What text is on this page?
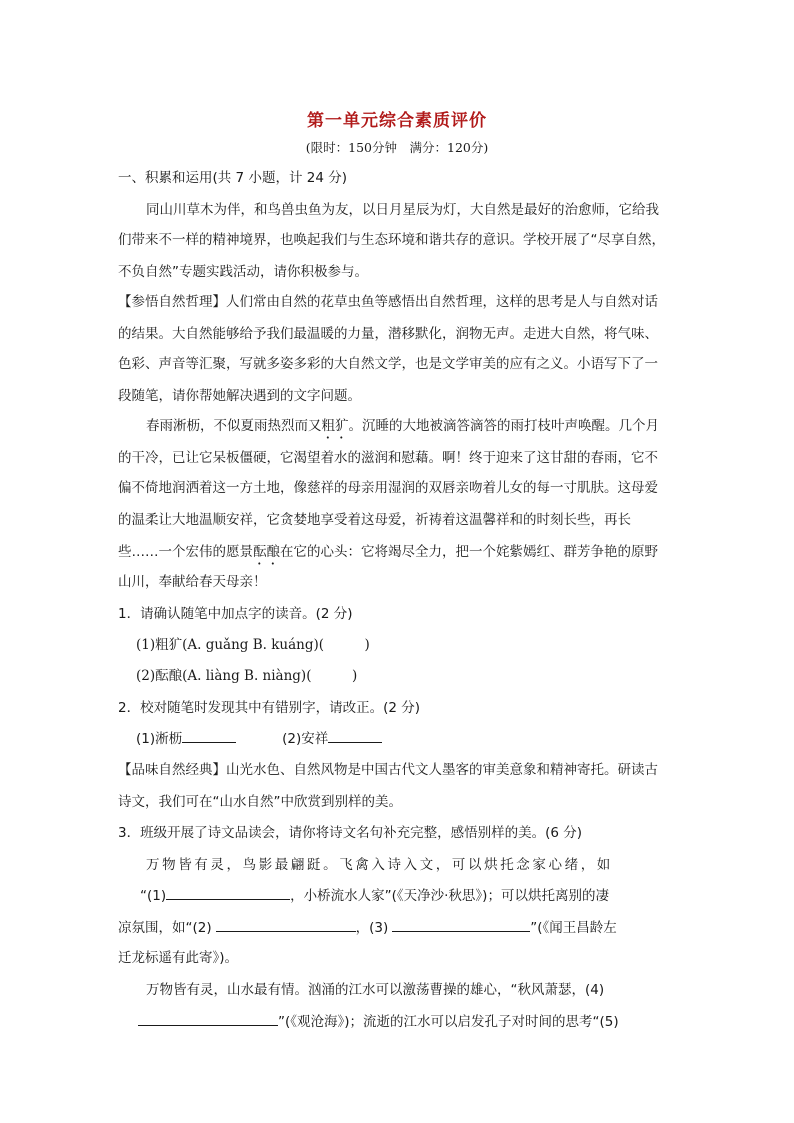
第一单元综合素质评价
(限时：150分钟　满分：120分)
一、积累和运用(共 7 小题，计 24 分)
同山川草木为伴，和鸟兽虫鱼为友，以日月星辰为灯，大自然是最好的治愈师，它给我
们带来不一样的精神境界，也唤起我们与生态环境和谐共存的意识。学校开展了“尽享自然，
不负自然”专题实践活动，请你积极参与。
【参悟自然哲理】人们常由自然的花草虫鱼等感悟出自然哲理，这样的思考是人与自然对话
的结果。大自然能够给予我们最温暖的力量，潜移默化，润物无声。走进大自然，将气味、
色彩、声音等汇聚，写就多姿多彩的大自然文学，也是文学审美的应有之义。小语写下了一
段随笔，请你帮她解决遇到的文字问题。
春雨淅枥，不似夏雨热烈而又粗犷。沉睡的大地被滴答滴答的雨打枝叶声唤醒。几个月
的干冷，已让它呆板僵硬，它渴望着水的滋润和慰藉。啊！终于迎来了这甘甜的春雨，它不
偏不倚地润洒着这一方土地，像慈祥的母亲用湿润的双唇亲吻着儿女的每一寸肌肤。这母爱
的温柔让大地温顺安祥，它贪婪地享受着这母爱，祈祷着这温馨祥和的时刻长些，再长
些……一个宏伟的愿景酝酿在它的心头：它将竭尽全力，把一个姹紫嫣红、群芳争艳的原野
山川，奉献给春天母亲！
1．请确认随笔中加点字的读音。(2 分)
(1)粗犷(A. guǎng B. kuáng)(　　　)
(2)酝酿(A. liàng B. niàng)(　　　)
2．校对随笔时发现其中有错别字，请改正。(2 分)
(1)淅枥	(2)安祥
【品味自然经典】山光水色、自然风物是中国古代文人墨客的审美意象和精神寄托。研读古
诗文，我们可在“山水自然”中欣赏到别样的美。
3．班级开展了诗文品读会，请你将诗文名句补充完整，感悟别样的美。(6 分)
万物皆有灵，鸟影最翩跹。飞禽入诗入文，可以烘托念家心绪，如
“(1)	，小桥流水人家”(《天净沙·秋思》)；可以烘托离别的凄
凉氛围，如“(2)	，(3)	”(《闻王昌龄左
迁龙标遥有此寄》)。
万物皆有灵，山水最有情。汹涌的江水可以激荡曹操的雄心，“秋风萧瑟，(4)
”(《观沧海》)；流逝的江水可以启发孔子对时间的思考“(5)
